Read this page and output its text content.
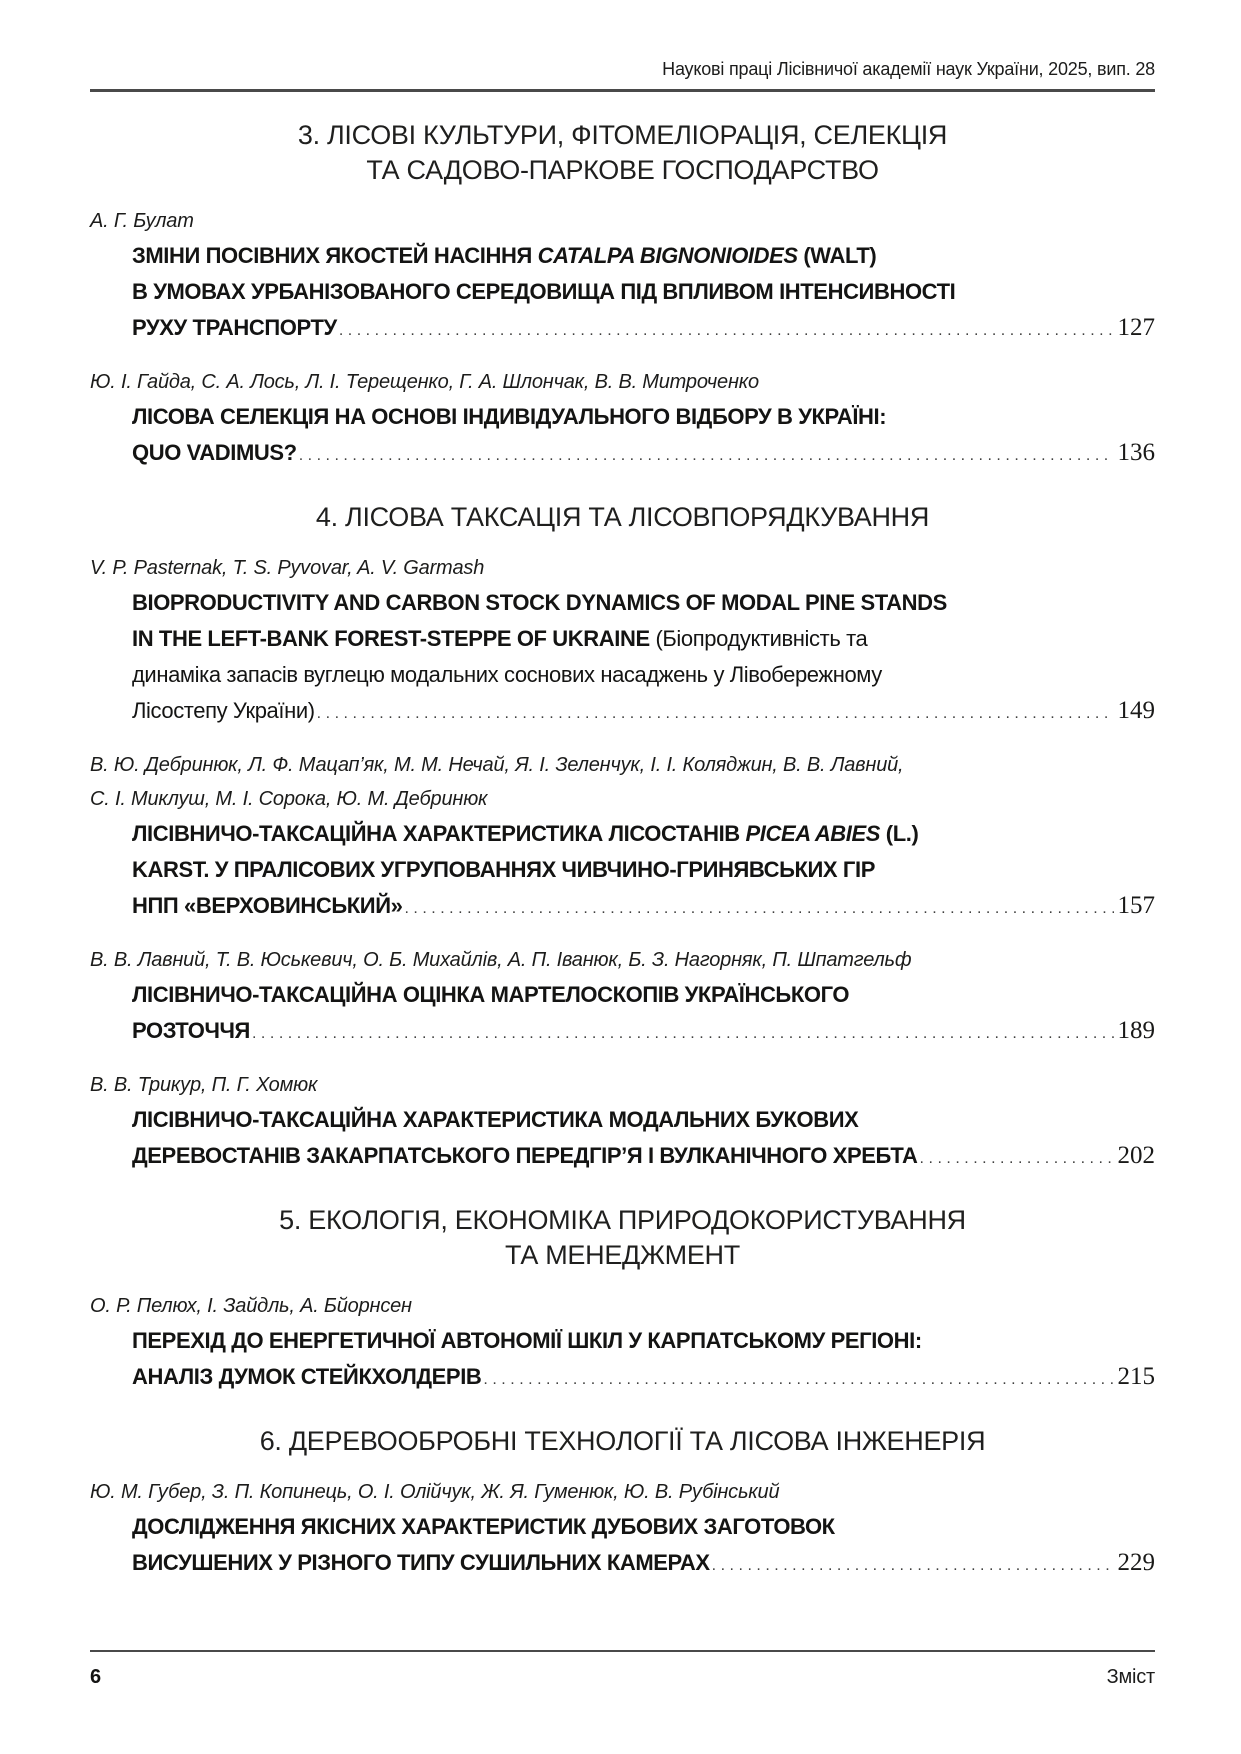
Наукові праці Лісівничої академії наук України, 2025, вип. 28
3. ЛІСОВІ КУЛЬТУРИ, ФІТОМЕЛІОРАЦІЯ, СЕЛЕКЦІЯ
ТА САДОВО-ПАРКОВЕ ГОСПОДАРСТВО
А. Г. Булат
ЗМІНИ ПОСІВНИХ ЯКОСТЕЙ НАСІННЯ CATALPA BIGNONIOIDES (WALT)
В УМОВАХ УРБАНІЗОВАНОГО СЕРЕДОВИЩА ПІД ВПЛИВОМ ІНТЕНСИВНОСТІ
РУХУ ТРАНСПОРТУ .....	127
Ю. І. Гайда, С. А. Лось, Л. І. Терещенко, Г. А. Шлончак, В. В. Митроченко
ЛІСОВА СЕЛЕКЦІЯ НА ОСНОВІ ІНДИВІДУАЛЬНОГО ВІДБОРУ В УКРАЇНІ:
QUO VADIMUS? .....	136
4. ЛІСОВА ТАКСАЦІЯ ТА ЛІСОВПОРЯДКУВАННЯ
V. P. Pasternak, T. S. Pyvovar, A. V. Garmash
BIOPRODUCTIVITY AND CARBON STOCK DYNAMICS OF MODAL PINE STANDS
IN THE LEFT-BANK FOREST-STEPPE OF UKRAINE (Біопродуктивність та
динаміка запасів вуглецю модальних соснових насаджень у Лівобережному
Лісостепу України) .....	149
В. Ю. Дебринюк, Л. Ф. Мацап’як, М. М. Нечай, Я. І. Зеленчук, І. І. Коляджин, В. В. Лавний,
С. І. Миклуш, М. І. Сорока, Ю. М. Дебринюк
ЛІСІВНИЧО-ТАКСАЦІЙНА ХАРАКТЕРИСТИКА ЛІСОСТАНІВ PICEA ABIES (L.)
KARST. У ПРАЛІСОВИХ УГРУПОВАННЯХ ЧИВЧИНО-ГРИНЯВСЬКИХ ГІР
НПП «ВЕРХОВИНСЬКИЙ» .....	157
В. В. Лавний, Т. В. Юськевич, О. Б. Михайлів, А. П. Іванюк, Б. З. Нагорняк, П. Шпатгельф
ЛІСІВНИЧО-ТАКСАЦІЙНА ОЦІНКА МАРТЕЛОСКОПІВ УКРАЇНСЬКОГО
РОЗТОЧЧЯ .....	189
В. В. Трикур, П. Г. Хомюк
ЛІСІВНИЧО-ТАКСАЦІЙНА ХАРАКТЕРИСТИКА МОДАЛЬНИХ БУКОВИХ
ДЕРЕВОСТАНІВ ЗАКАРПАТСЬКОГО ПЕРЕДГІР’Я І ВУЛКАНІЧНОГО ХРЕБТА .....	202
5. ЕКОЛОГІЯ, ЕКОНОМІКА ПРИРОДОКОРИСТУВАННЯ
ТА МЕНЕДЖМЕНТ
О. Р. Пелюх, І. Зайдль, А. Бйорнсен
ПЕРЕХІД ДО ЕНЕРГЕТИЧНОЇ АВТОНОМІЇ ШКІЛ У КАРПАТСЬКОМУ РЕГІОНІ:
АНАЛІЗ ДУМОК СТЕЙКХОЛДЕРІВ .....	215
6. ДЕРЕВООБРОБНІ ТЕХНОЛОГІЇ ТА ЛІСОВА ІНЖЕНЕРІЯ
Ю. М. Губер, З. П. Копинець, О. І. Олійчук, Ж. Я. Гуменюк, Ю. В. Рубінський
ДОСЛІДЖЕННЯ ЯКІСНИХ ХАРАКТЕРИСТИК ДУБОВИХ ЗАГОТОВОК
ВИСУШЕНИХ У РІЗНОГО ТИПУ СУШИЛЬНИХ КАМЕРАХ .....	229
6	Зміст
